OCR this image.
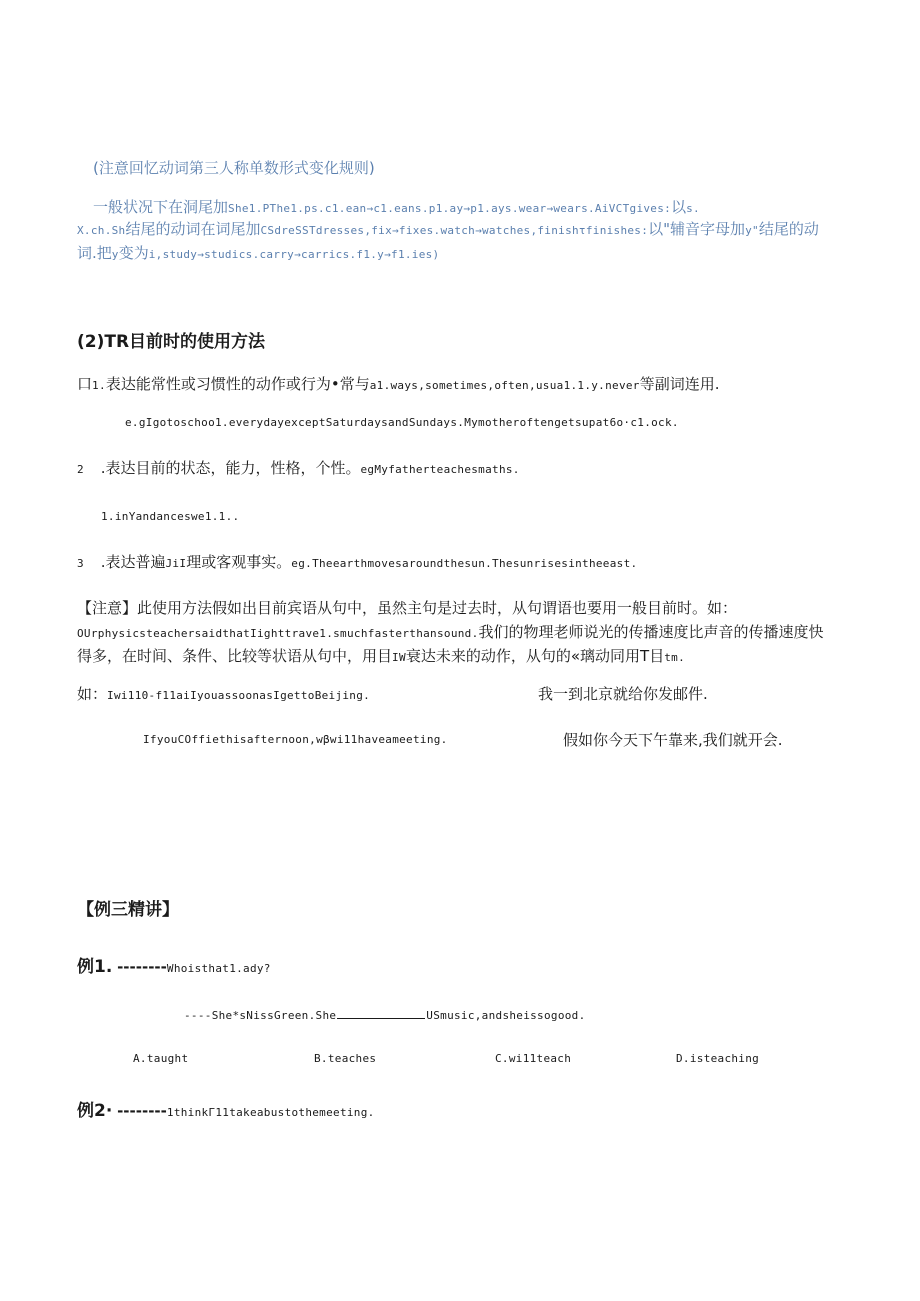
(注意回忆动词第三人称单数形式变化规则)
一般状况下在洞尾加She1.PThe1.ps.c1.ean→c1.eans.p1.ay→p1.ays.wear→wears.AiVCTgives:以s.
X.ch.Sh结尾的动词在词尾加CSdreSSTdresses,fix→fixes.watch→watches,finishτfinishes:以"辅音字母加y"结尾的动
词.把y变为i,study→studics.carry→carrics.f1.y→f1.ies)
(2)TR目前时的使用方法
口1.表达能常性或习惯性的动作或行为•常与a1.ways,sometimes,often,usua1.1.y.never等副词连用.
e.gIgotoschoo1.everydayexceptSaturdaysandSundays.Mymotheroftengetsupat6o·c1.ock.
2 .表达目前的状态，能力，性格，个性。egMyfatherteachesmaths.
1.inYandanceswe1.1..
3 .表达普遍JiI理或客观事实。eg.Theearthmovesaroundthesun.Thesunrisesintheeast.
【注意】此使用方法假如出目前宾语从句中，虽然主句是过去时，从句谓语也要用一般目前时。如：
OUrphysicsteachersaidthatIighttrave1.smuchfasterthansound.我们的物理老师说光的传播速度比声音的传播速度快
得多，在时间、条件、比较等状语从句中，用目IW衰达未来的动作，从句的«璃动同用T目tm.
如：Iwi110-f11aiIyouassoonasIgettoBeijing.	我一到北京就给你发邮件.
IfyouCOffiethisafternoon,wβwi11haveameeting.	假如你今天下午靠来,我们就开会.
【例三精讲】
例1. --------Whoisthat1.ady?
----She*sNissGreen.She	USmusic,andsheissogood.
A.taught	B.teaches	C.wi11teach	D.isteaching
例2· --------1thinkΓ11takeabustothemeeting.
